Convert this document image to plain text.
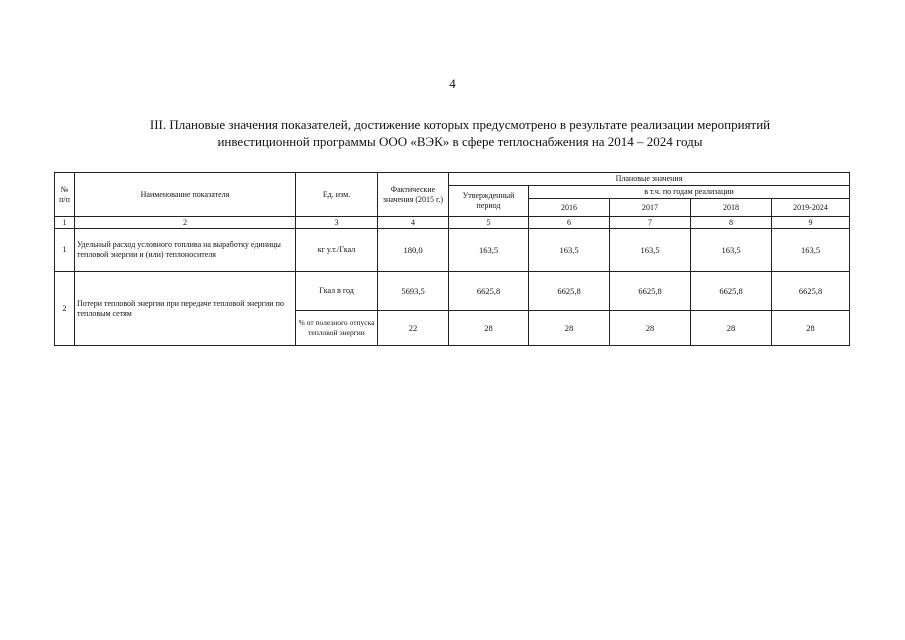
4
III. Плановые значения показателей, достижение которых предусмотрено в результате реализации мероприятий
инвестиционной программы ООО «ВЭК» в сфере теплоснабжения на 2014 – 2024 годы
№ п/п	Наименование показателя	Ед. изм.	Фактические значения (2015 г.)	Плановые значения				
				Утвержденный период	в т.ч. по годам реализации			
					2016	2017	2018	2019-2024
1	2	3	4	5	6	7	8	9
1	Удельный расход условного топлива на выработку единицы тепловой энергии и (или) теплоносителя	кг у.т./Гкал	180,0	163,5	163,5	163,5	163,5	163,5
2	Потери тепловой энергии при передаче тепловой энергии по тепловым сетям	Гкал в год	5693,5	6625,8	6625,8	6625,8	6625,8	6625,8
		% от полезного отпуска тепловой энергии	22	28	28	28	28	28
